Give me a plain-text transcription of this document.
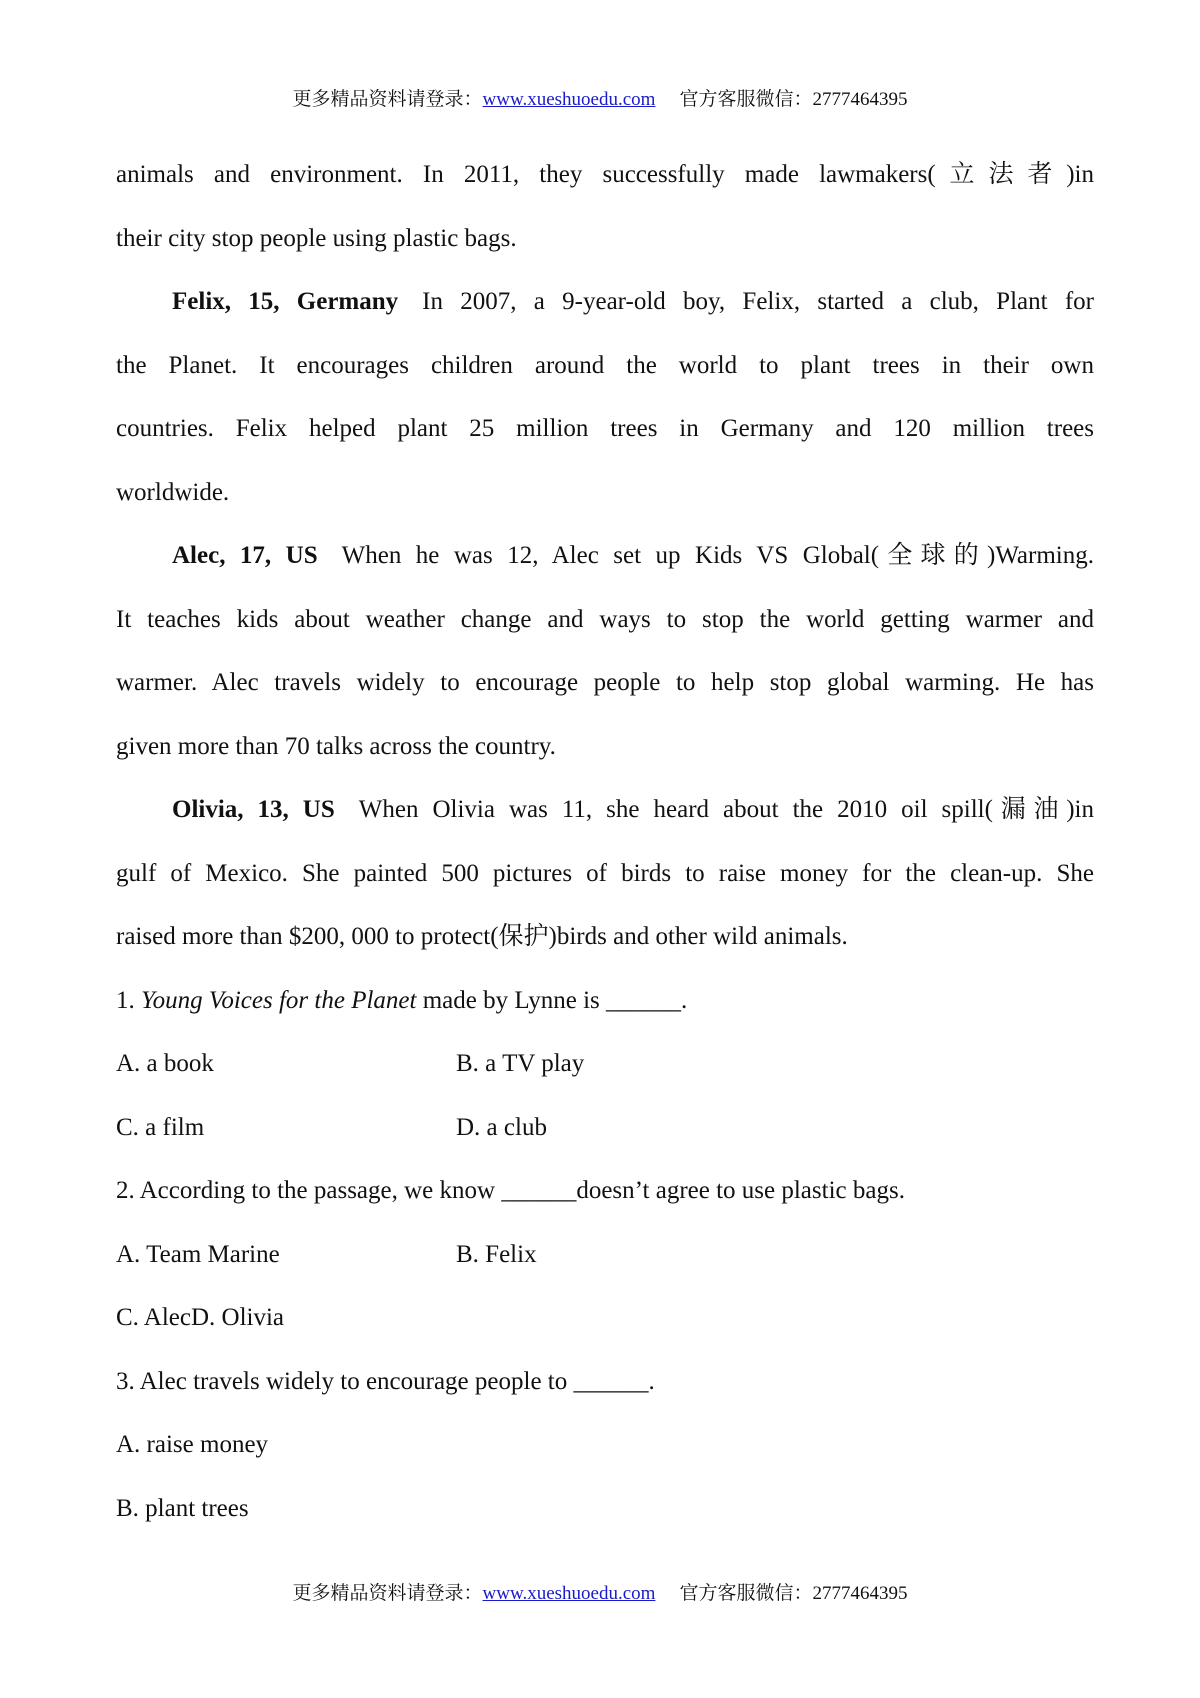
更多精品资料请登录：www.xueshuoedu.com 官方客服微信：2777464395
animals and environment. In 2011, they successfully made lawmakers(立法者)in
their city stop people using plastic bags.
Felix, 15, Germany In 2007, a 9-year-old boy, Felix, started a club, Plant for
the Planet. It encourages children around the world to plant trees in their own
countries. Felix helped plant 25 million trees in Germany and 120 million trees
worldwide.
Alec, 17, US When he was 12, Alec set up Kids VS Global(全球的)Warming.
It teaches kids about weather change and ways to stop the world getting warmer and
warmer. Alec travels widely to encourage people to help stop global warming. He has
given more than 70 talks across the country.
Olivia, 13, US When Olivia was 11, she heard about the 2010 oil spill(漏油)in
gulf of Mexico. She painted 500 pictures of birds to raise money for the clean-up. She
raised more than $200, 000 to protect(保护)birds and other wild animals.
1. Young Voices for the Planet made by Lynne is ______.
A. a book	B. a TV play
C. a film	D. a club
2. According to the passage, we know ______doesn’t agree to use plastic bags.
A. Team Marine	B. Felix
C. AlecD. Olivia
3. Alec travels widely to encourage people to ______.
A. raise money
B. plant trees
更多精品资料请登录：www.xueshuoedu.com 官方客服微信：2777464395
